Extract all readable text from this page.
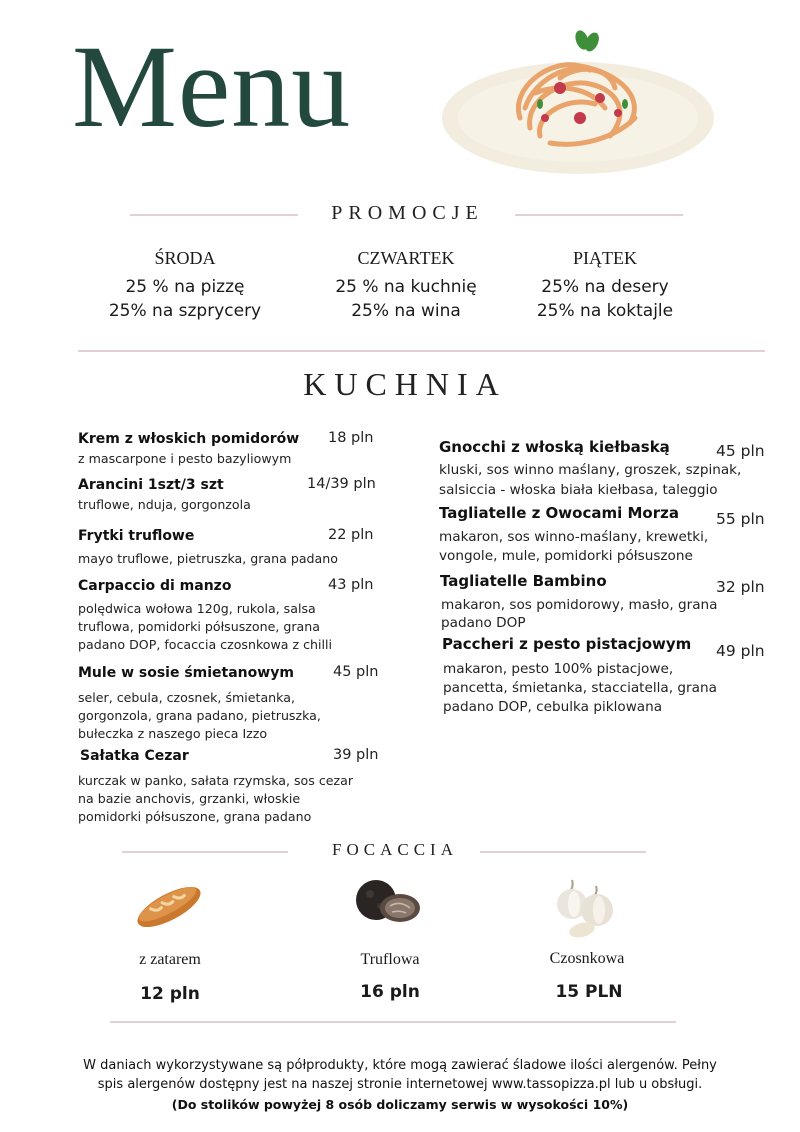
Menu
PROMOCJE
ŚRODA
25 % na pizzę
25% na szprycery
CZWARTEK
25 % na kuchnię
25% na wina
PIĄTEK
25% na desery
25% na koktajle
KUCHNIA
Krem z włoskich pomidorów 18 pln
z mascarpone i pesto bazyliowym
Arancini 1szt/3 szt	14/39 pln
truflowe, nduja, gorgonzola
Frytki truflowe	22 pln
mayo truflowe, pietruszka, grana padano
Carpaccio di manzo	43 pln
polędwica wołowa 120g, rukola, salsa
truflowa, pomidorki półsuszone, grana
padano DOP, focaccia czosnkowa z chilli
Mule w sosie śmietanowym	45 pln
seler, cebula, czosnek, śmietanka,
gorgonzola, grana padano, pietruszka,
bułeczka z naszego pieca Izzo
Sałatka Cezar	39 pln
kurczak w panko, sałata rzymska, sos cezar
na bazie anchovis, grzanki, włoskie
pomidorki półsuszone, grana padano
Gnocchi z włoską kiełbaską	45 pln
kluski, sos winno maślany, groszek, szpinak,
salsiccia - włoska biała kiełbasa, taleggio
Tagliatelle z Owocami Morza 55 pln
makaron, sos winno-maślany, krewetki,
vongole, mule, pomidorki półsuszone
Tagliatelle Bambino	32 pln
makaron, sos pomidorowy, masło, grana
padano DOP
Paccheri z pesto pistacjowym 49 pln
makaron, pesto 100% pistacjowe,
pancetta, śmietanka, stacciatella, grana
padano DOP, cebulka piklowana
FOCACCIA
z zatarem	Truflowa	Czosnkowa
12 pln	16 pln	15 PLN
W daniach wykorzystywane są półprodukty, które mogą zawierać śladowe ilości alergenów. Pełny
spis alergenów dostępny jest na naszej stronie internetowej www.tassopizza.pl lub u obsługi.
(Do stolików powyżej 8 osób doliczamy serwis w wysokości 10%)
